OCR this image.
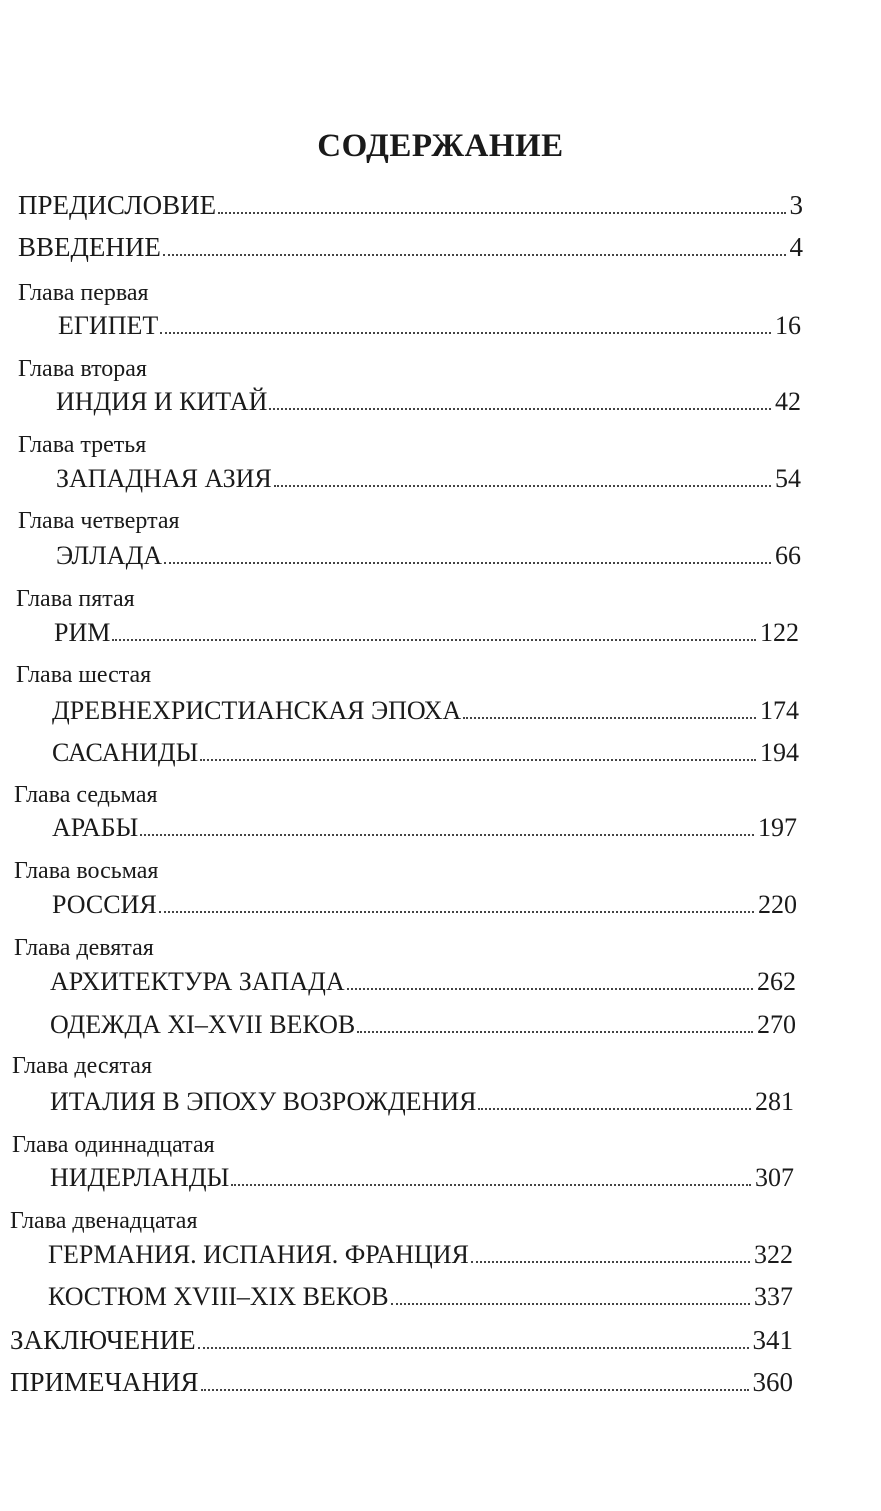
СОДЕРЖАНИЕ
ПРЕДИСЛОВИЕ	3
ВВЕДЕНИЕ	4
Глава первая
ЕГИПЕТ	16
Глава вторая
ИНДИЯ И КИТАЙ	42
Глава третья
ЗАПАДНАЯ АЗИЯ	54
Глава четвертая
ЭЛЛАДА	66
Глава пятая
РИМ	122
Глава шестая
ДРЕВНЕХРИСТИАНСКАЯ ЭПОХА	174
САСАНИДЫ	194
Глава седьмая
АРАБЫ	197
Глава восьмая
РОССИЯ	220
Глава девятая
АРХИТЕКТУРА ЗАПАДА	262
ОДЕЖДА XI–XVII ВЕКОВ	270
Глава десятая
ИТАЛИЯ В ЭПОХУ ВОЗРОЖДЕНИЯ	281
Глава одиннадцатая
НИДЕРЛАНДЫ	307
Глава двенадцатая
ГЕРМАНИЯ. ИСПАНИЯ. ФРАНЦИЯ	322
КОСТЮМ XVIII–XIX ВЕКОВ	337
ЗАКЛЮЧЕНИЕ	341
ПРИМЕЧАНИЯ	360
